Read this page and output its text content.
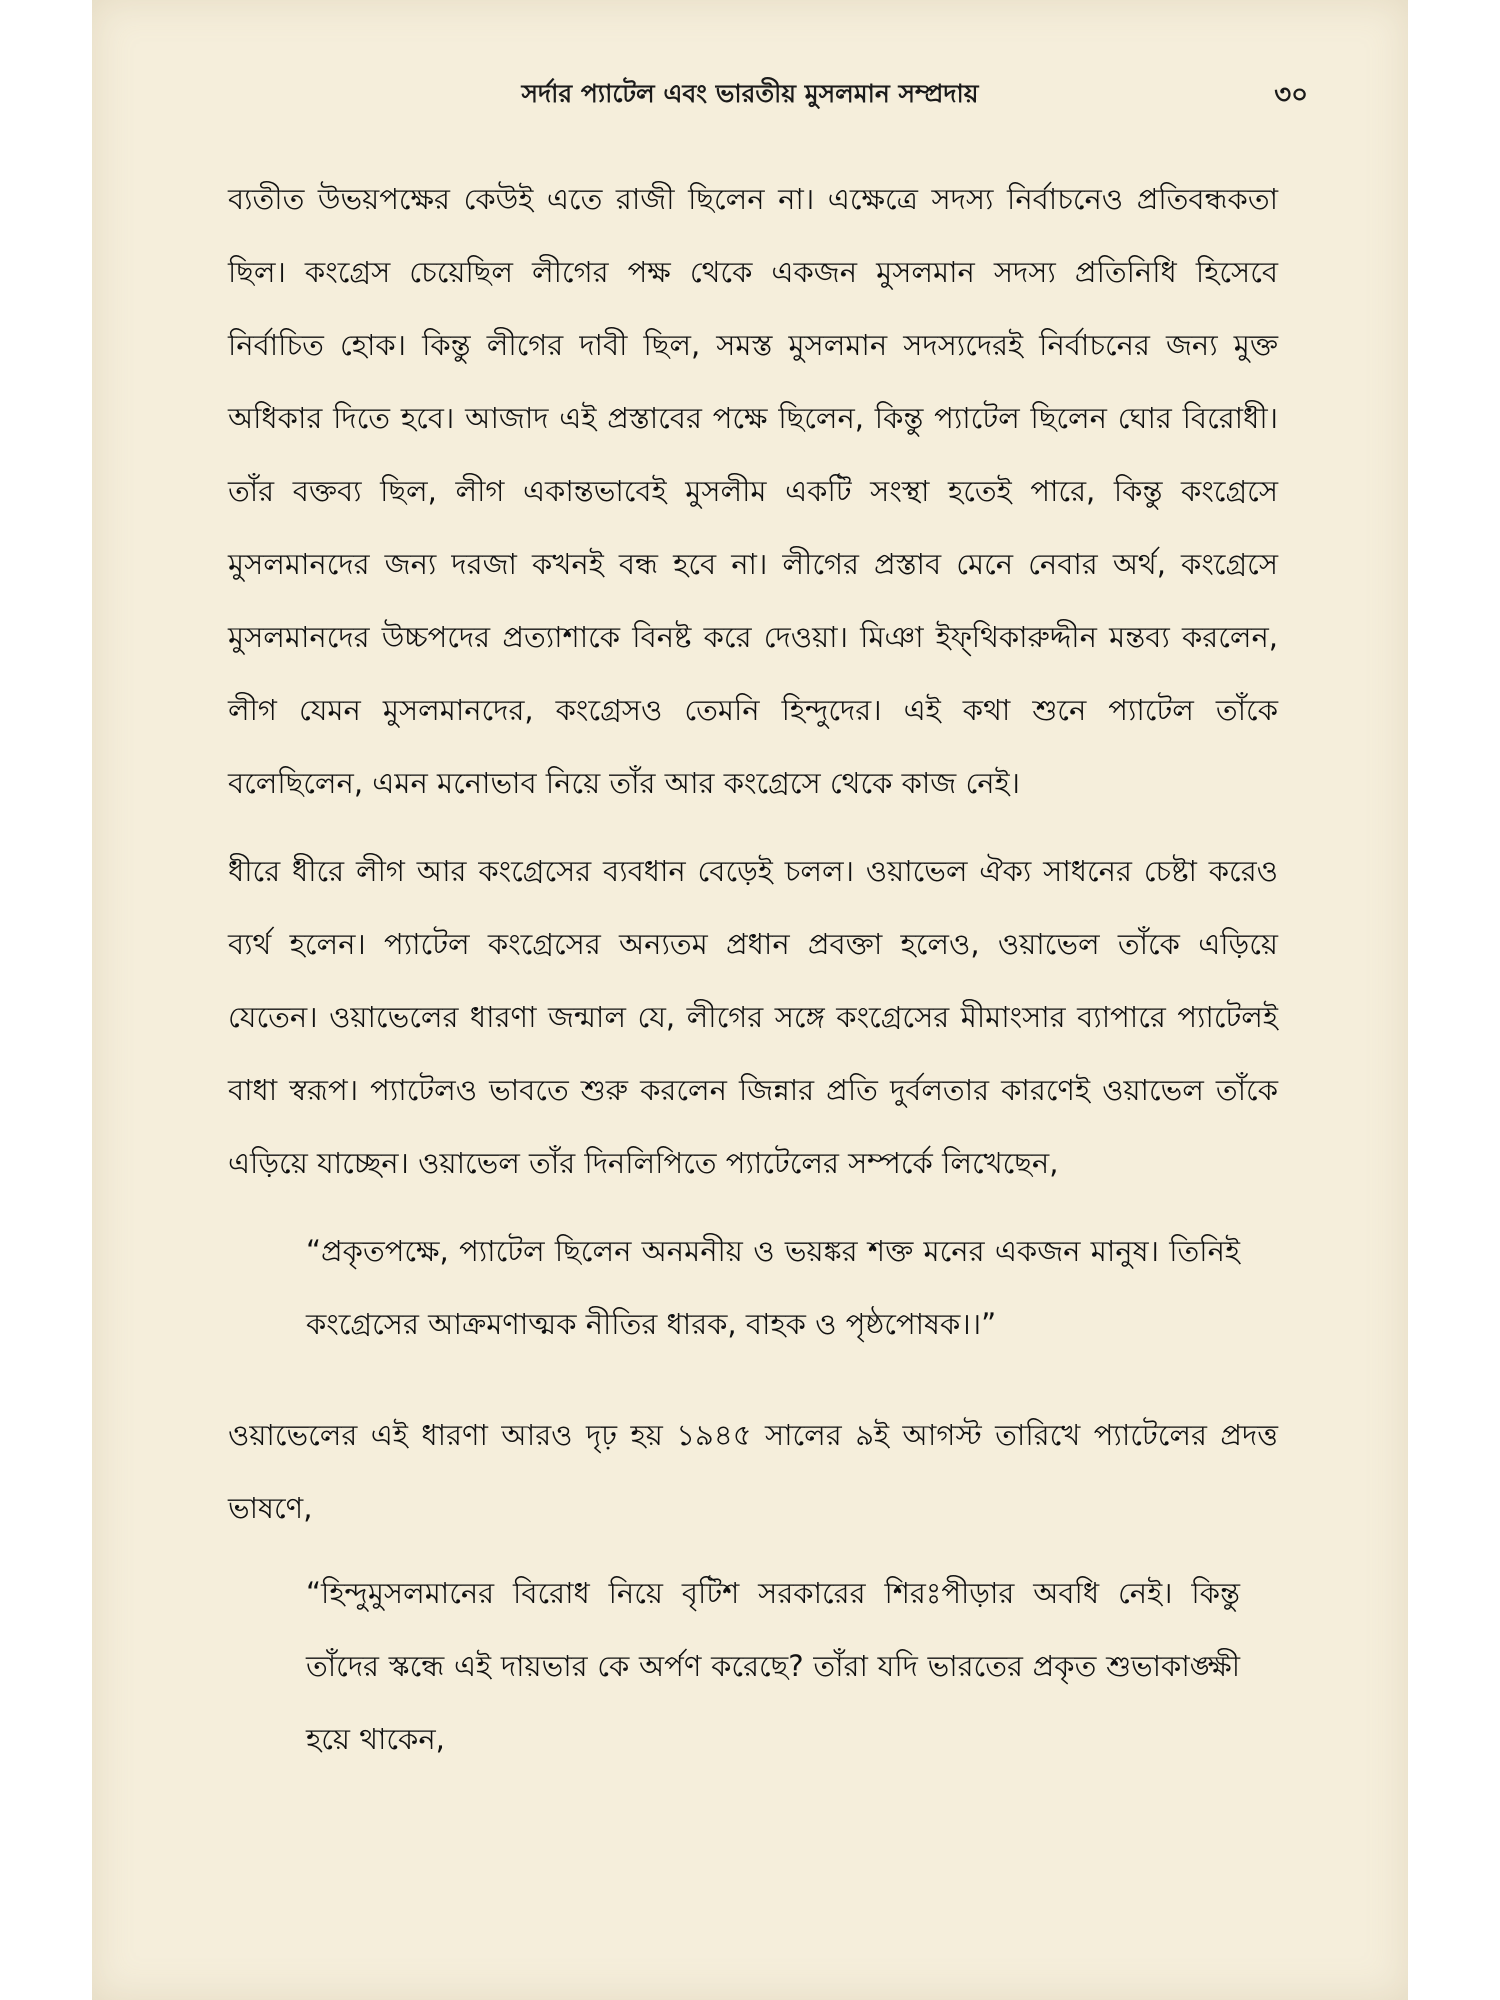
সর্দার প্যাটেল এবং ভারতীয় মুসলমান সম্প্রদায়	৩০

ব্যতীত উভয়পক্ষের কেউই এতে রাজী ছিলেন না। এক্ষেত্রে সদস্য নির্বাচনেও প্রতিবন্ধকতা ছিল। কংগ্রেস চেয়েছিল লীগের পক্ষ থেকে একজন মুসলমান সদস্য প্রতিনিধি হিসেবে নির্বাচিত হোক। কিন্তু লীগের দাবী ছিল, সমস্ত মুসলমান সদস্যদেরই নির্বাচনের জন্য মুক্ত অধিকার দিতে হবে। আজাদ এই প্রস্তাবের পক্ষে ছিলেন, কিন্তু প্যাটেল ছিলেন ঘোর বিরোধী। তাঁর বক্তব্য ছিল, লীগ একান্তভাবেই মুসলীম একটি সংস্থা হতেই পারে, কিন্তু কংগ্রেসে মুসলমানদের জন্য দরজা কখনই বন্ধ হবে না। লীগের প্রস্তাব মেনে নেবার অর্থ, কংগ্রেসে মুসলমানদের উচ্চপদের প্রত্যাশাকে বিনষ্ট করে দেওয়া। মিঞা ইফ্‌থিকারুদ্দীন মন্তব্য করলেন, লীগ যেমন মুসলমানদের, কংগ্রেসও তেমনি হিন্দুদের। এই কথা শুনে প্যাটেল তাঁকে বলেছিলেন, এমন মনোভাব নিয়ে তাঁর আর কংগ্রেসে থেকে কাজ নেই।

ধীরে ধীরে লীগ আর কংগ্রেসের ব্যবধান বেড়েই চলল। ওয়াভেল ঐক্য সাধনের চেষ্টা করেও ব্যর্থ হলেন। প্যাটেল কংগ্রেসের অন্যতম প্রধান প্রবক্তা হলেও, ওয়াভেল তাঁকে এড়িয়ে যেতেন। ওয়াভেলের ধারণা জন্মাল যে, লীগের সঙ্গে কংগ্রেসের মীমাংসার ব্যাপারে প্যাটেলই বাধা স্বরূপ। প্যাটেলও ভাবতে শুরু করলেন জিন্নার প্রতি দুর্বলতার কারণেই ওয়াভেল তাঁকে এড়িয়ে যাচ্ছেন। ওয়াভেল তাঁর দিনলিপিতে প্যাটেলের সম্পর্কে লিখেছেন,

“প্রকৃতপক্ষে, প্যাটেল ছিলেন অনমনীয় ও ভয়ঙ্কর শক্ত মনের একজন মানুষ। তিনিই কংগ্রেসের আক্রমণাত্মক নীতির ধারক, বাহক ও পৃষ্ঠপোষক।।”

ওয়াভেলের এই ধারণা আরও দৃঢ় হয় ১৯৪৫ সালের ৯ই আগস্ট তারিখে প্যাটেলের প্রদত্ত ভাষণে,

“হিন্দুমুসলমানের বিরোধ নিয়ে বৃটিশ সরকারের শিরঃপীড়ার অবধি নেই। কিন্তু তাঁদের স্কন্ধে এই দায়ভার কে অর্পণ করেছে? তাঁরা যদি ভারতের প্রকৃত শুভাকাঙ্ক্ষী হয়ে থাকেন,
